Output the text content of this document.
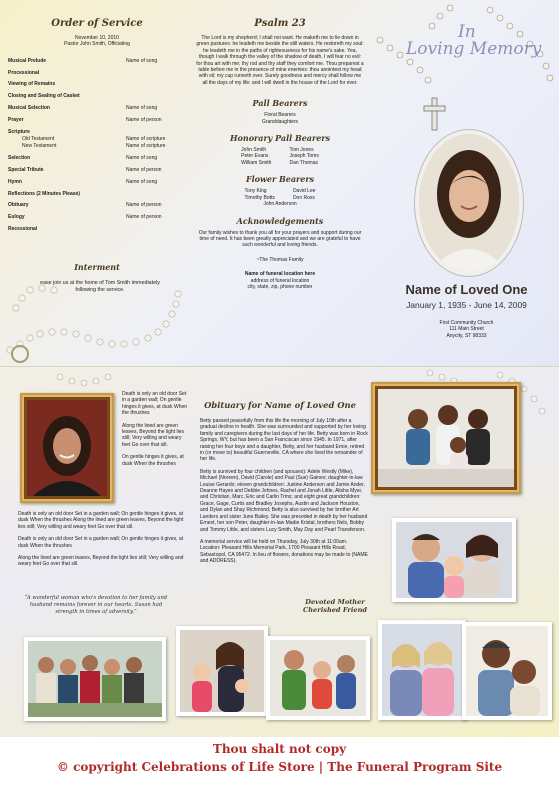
Order of Service
November 10, 2010
Pastor John Smith, Officiating
Musical Prelude	Name of song
Processional
Viewing of Remains
Closing and Sealing of Casket
Musical Selection	Name of song
Prayer	Name of person
Scripture
Old Testament	Name of scripture
New Testament	Name of scripture
Selection	Name of song
Special Tribute	Name of person
Hymn	Name of song
Reflections (2 Minutes Please)
Obituary	Name of person
Eulogy	Name of person
Recessional
Interment
ease join us at the home of Tom Smith immediately following the service.
Psalm 23
The Lord is my shepherd; I shall not want. He maketh me to lie down in green pastures: he leadeth me beside the still waters. He restoreth my soul: he leadeth me in the paths of righteousness for his name's sake. Yea, though I walk through the valley of the shadow of death, I will fear no evil: for thou art with me; thy rod and thy staff they comfort me. Thou preparest a table before me in the presence of mine enemies: thou anointest my head with oil; my cup runneth over. Surely goodness and mercy shall follow me all the days of my life: and I will dwell in the house of the Lord for ever.
Pall Bearers
Floral Bearers
Granddaughters
Honorary Pall Bearers
John Smith
Peter Evans
William Smith
Tom Jones
Joseph Toms
Dan Thomas
Flower Bearers
Tony King
Timothy Botts
David Lee
Don Ross
John Anderson
Acknowledgements
Our family wishes to thank you all for your prayers and support during our time of need. It has been greatly appreciated and we are grateful to have such wonderful and loving friends.
~The Thomas Family
Name of funeral location here
address of funeral location
city, state, zip, phone number
In
Loving Memory
Name of Loved One
January 1, 1935 - June 14, 2009
First Community Church
111 Main Street
Anycity, ST 98333

Death is only an old door Set in a garden wall; On gentle hinges it gives, at dusk When the thrushes

Along the lined are green leaves, Beyond the light lies still; Very willing and weary feet Go over that sill.

On gentle hinges it gives, at dusk When the thrushes

Death is only an old door Set in a garden wall; On gentle hinges it gives, at dusk When the thrushes Along the lined are green leaves, Beyond the light lies still; Very willing and weary feet Go over that sill.

Death is only an old door Set in a garden wall; On gentle hinges it gives, at dusk When the thrushes

Along the lined are green leaves, Beyond the light lies still; Very willing and weary feet Go over that sill.

“A wonderful woman who's devotion to her family and husband remains forever in our hearts. Susan had strength in times of adversity.”
Obituary for Name of Loved One

Betty passed peacefully from this life the morning of July 10th after a gradual decline in health. She was surrounded and supported by her loving family and caregivers during the last days of her life. Betty was born in Rock Springs, WY, but has been a San Franciscan since 1945. In 1971, after raising her four boys and a daughter, Betty, and her husband Ernie, retired in (or move to) beautiful Guerneville, CA where she lived the remainder of her life.

Betty is survived by four children (and spouses): Adele Westly (Mike), Michael (Noreen), David (Carole) and Paul (Sue) Gaines; daughter-in-law Louise Gerardo; eleven grandchildren: Justine Anderson and Jamie Ander, Deanne Hayes and Debbie Johnes, Rachel and Jonah Little, Alisha Myer, and Christian, Marc, Eric and Carlin Trms; and eight great grandchildren: Grace, Gage, Curtis and Bradley Josephs, Austin and Jackson Houston, and Dylan and Shay Richmond; Betty is also survived by her brother Art Landers and sister June Bailey. She was preceded in death by her husband Ernest, her son Peter, daughter-in-law Madie Kristal, brothers Nels, Bobby and Tommy Little, and sisters Lucy Smith, May Day and Pearl Transferson.

A memorial service will be held on Thursday, July 30th at 11:00am. Location: Pleasant Hills Memorial Park, 1700 Pleasant Hills Road, Sebastopol, CA 95472. In lieu of flowers, donations may be made to (NAME and ADDRESS).

Devoted Mother
Cherished Friend
Thou shalt not copy
© copyright Celebrations of Life Store | The Funeral Program Site
